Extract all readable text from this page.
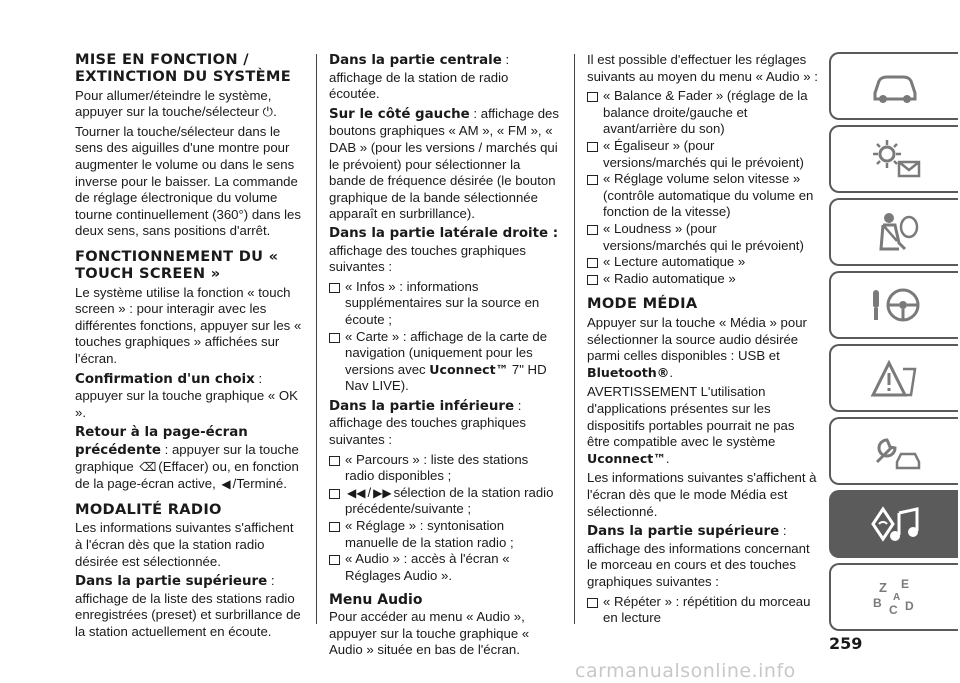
MISE EN FONCTION / EXTINCTION DU SYSTÈME

Pour allumer/éteindre le système, appuyer sur la touche/sélecteur ⏻.

Tourner la touche/sélecteur dans le sens des aiguilles d'une montre pour augmenter le volume ou dans le sens inverse pour le baisser. La commande de réglage électronique du volume tourne continuellement (360°) dans les deux sens, sans positions d'arrêt.

FONCTIONNEMENT DU « TOUCH SCREEN »

Le système utilise la fonction « touch screen » : pour interagir avec les différentes fonctions, appuyer sur les « touches graphiques » affichées sur l'écran.

Confirmation d'un choix : appuyer sur la touche graphique « OK ».

Retour à la page-écran précédente : appuyer sur la touche graphique ⌫ (Effacer) ou, en fonction de la page-écran active, ◀ /Terminé.

MODALITÉ RADIO

Les informations suivantes s'affichent à l'écran dès que la station radio désirée est sélectionnée.

Dans la partie supérieure : affichage de la liste des stations radio enregistrées (preset) et surbrillance de la station actuellement en écoute.

Dans la partie centrale : affichage de la station de radio écoutée.

Sur le côté gauche : affichage des boutons graphiques « AM », « FM », « DAB » (pour les versions / marchés qui le prévoient) pour sélectionner la bande de fréquence désirée (le bouton graphique de la bande sélectionnée apparaît en surbrillance).

Dans la partie latérale droite :

affichage des touches graphiques suivantes :

« Infos » : informations supplémentaires sur la source en écoute ;
« Carte » : affichage de la carte de navigation (uniquement pour les versions avec Uconnect™ 7" HD Nav LIVE).

Dans la partie inférieure : affichage des touches graphiques suivantes :

« Parcours » : liste des stations radio disponibles ;
◀◀ / ▶▶ sélection de la station radio précédente/suivante ;
« Réglage » : syntonisation manuelle de la station radio ;
« Audio » : accès à l'écran « Réglages Audio ».
Menu Audio

Pour accéder au menu « Audio », appuyer sur la touche graphique « Audio » située en bas de l'écran.

Il est possible d'effectuer les réglages suivants au moyen du menu « Audio » :

« Balance & Fader » (réglage de la balance droite/gauche et avant/arrière du son)
« Égaliseur » (pour versions/marchés qui le prévoient)
« Réglage volume selon vitesse » (contrôle automatique du volume en fonction de la vitesse)
« Loudness » (pour versions/marchés qui le prévoient)
« Lecture automatique »
« Radio automatique »
MODE MÉDIA

Appuyer sur la touche « Média » pour sélectionner la source audio désirée parmi celles disponibles : USB et Bluetooth®.

AVERTISSEMENT L'utilisation d'applications présentes sur les dispositifs portables pourrait ne pas être compatible avec le système Uconnect™.

Les informations suivantes s'affichent à l'écran dès que le mode Média est sélectionné.

Dans la partie supérieure : affichage des informations concernant le morceau en cours et des touches graphiques suivantes :

« Répéter » : répétition du morceau en lecture
Z E
B C D
A
259
carmanualsonline.info
